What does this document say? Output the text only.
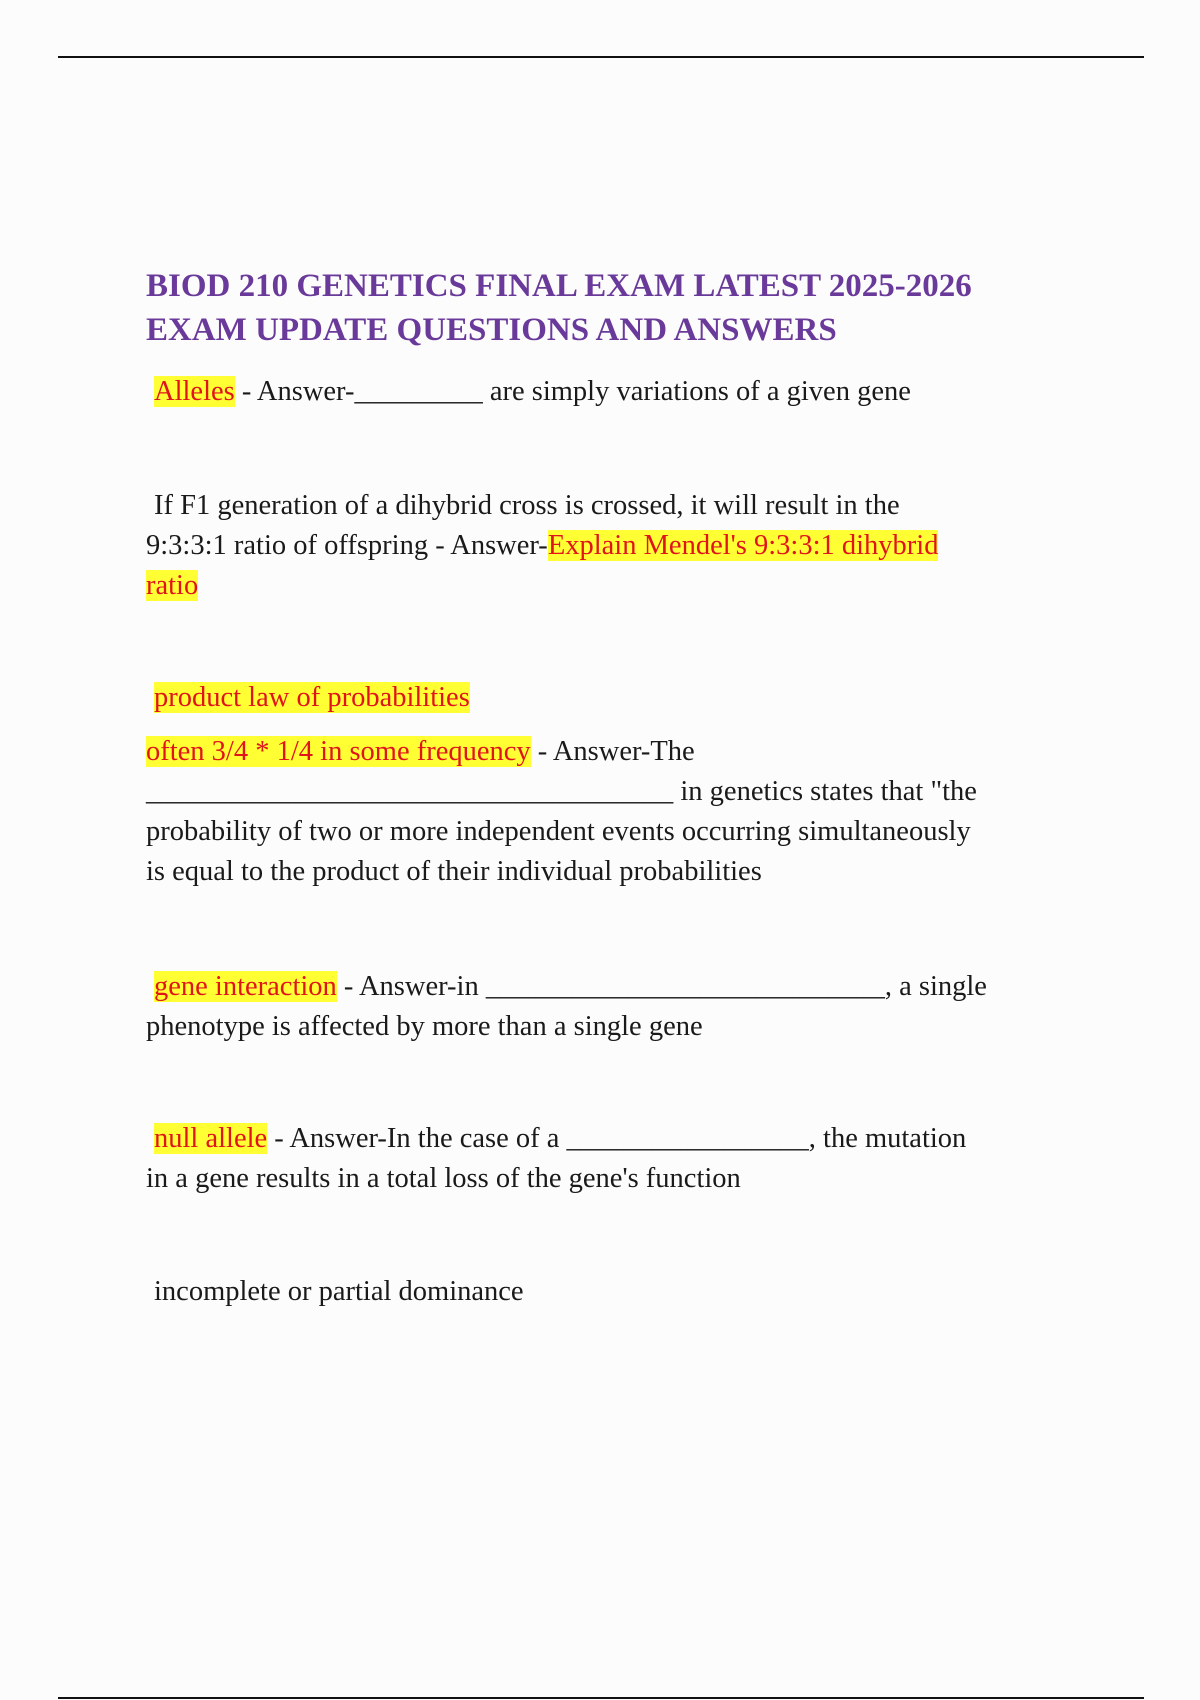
BIOD 210 GENETICS FINAL EXAM LATEST 2025-2026
EXAM UPDATE QUESTIONS AND ANSWERS

Alleles - Answer-_________ are simply variations of a given gene

If F1 generation of a dihybrid cross is crossed, it will result in the
9:3:3:1 ratio of offspring - Answer-Explain Mendel's 9:3:3:1 dihybrid
ratio

product law of probabilities
often 3/4 * 1/4 in some frequency - Answer-The
_____________________________________ in genetics states that "the
probability of two or more independent events occurring simultaneously
is equal to the product of their individual probabilities

gene interaction - Answer-in ____________________________, a single
phenotype is affected by more than a single gene

null allele - Answer-In the case of a _________________, the mutation
in a gene results in a total loss of the gene's function

incomplete or partial dominance
